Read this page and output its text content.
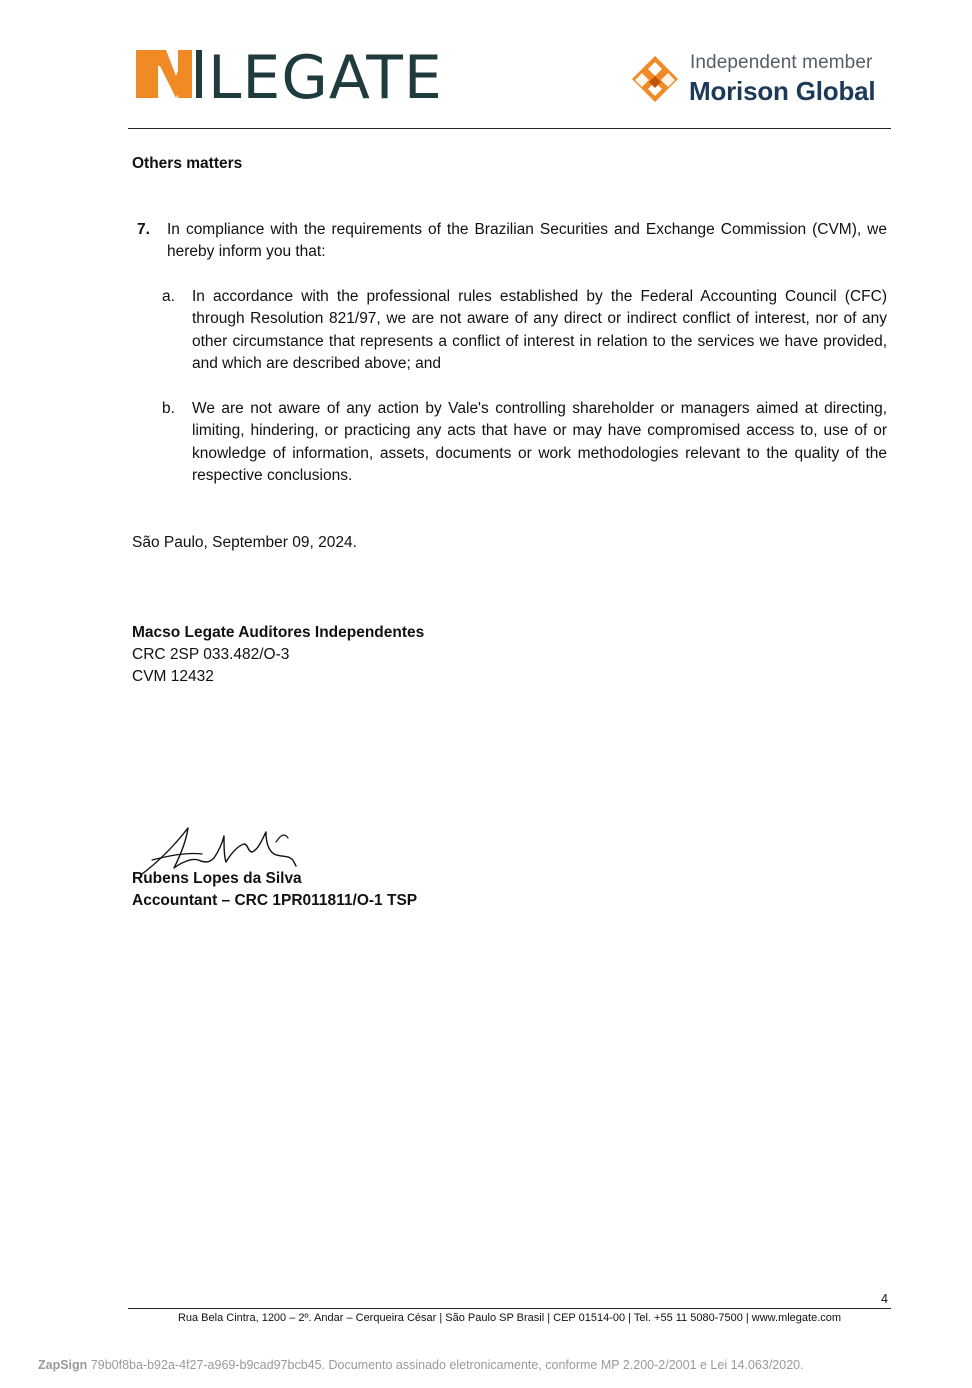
LEGATE	Independent member
Morison Global
Others matters
7. In compliance with the requirements of the Brazilian Securities and Exchange Commission (CVM), we hereby inform you that:
a. In accordance with the professional rules established by the Federal Accounting Council (CFC) through Resolution 821/97, we are not aware of any direct or indirect conflict of interest, nor of any other circumstance that represents a conflict of interest in relation to the services we have provided, and which are described above; and
b. We are not aware of any action by Vale's controlling shareholder or managers aimed at directing, limiting, hindering, or practicing any acts that have or may have compromised access to, use of or knowledge of information, assets, documents or work methodologies relevant to the quality of the respective conclusions.
São Paulo, September 09, 2024.
Macso Legate Auditores Independentes
CRC 2SP 033.482/O-3
CVM 12432
Rubens Lopes da Silva
Accountant – CRC 1PR011811/O-1 TSP
4
Rua Bela Cintra, 1200 – 2º. Andar – Cerqueira César | São Paulo SP Brasil | CEP 01514-00 | Tel. +55 11 5080-7500 | www.mlegate.com
ZapSign 79b0f8ba-b92a-4f27-a969-b9cad97bcb45. Documento assinado eletronicamente, conforme MP 2.200-2/2001 e Lei 14.063/2020.
